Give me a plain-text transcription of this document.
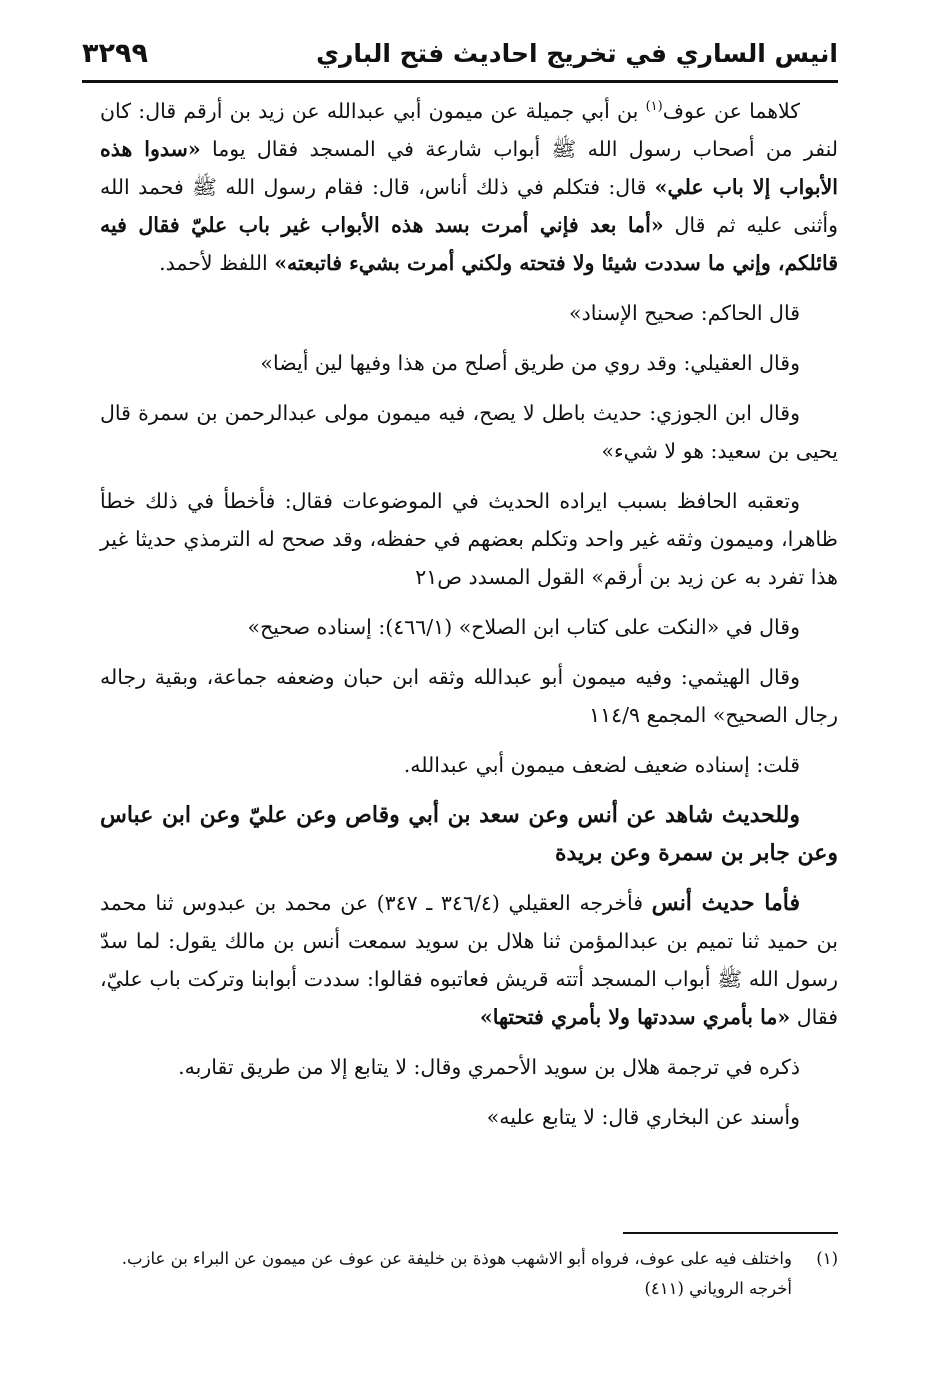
انيس الساري في تخريج احاديث فتح الباري
٣٢٩٩

كلاهما عن عوف$^{(١)}$ بن أبي جميلة عن ميمون أبي عبدالله عن زيد بن أرقم قال: كان لنفر من أصحاب رسول الله ﷺ أبواب شارعة في المسجد فقال يوما «سدوا هذه الأبواب إلا باب علي» قال: فتكلم في ذلك أناس، قال: فقام رسول الله ﷺ فحمد الله وأثنى عليه ثم قال «أما بعد فإني أمرت بسد هذه الأبواب غير باب عليّ فقال فيه قائلكم، وإني ما سددت شيئا ولا فتحته ولكني أمرت بشيء فاتبعته» اللفظ لأحمد.

قال الحاكم: صحيح الإسناد»

وقال العقيلي: وقد روي من طريق أصلح من هذا وفيها لين أيضا»

وقال ابن الجوزي: حديث باطل لا يصح، فيه ميمون مولى عبدالرحمن بن سمرة قال يحيى بن سعيد: هو لا شيء»

وتعقبه الحافظ بسبب ايراده الحديث في الموضوعات فقال: فأخطأ في ذلك خطأ ظاهرا، وميمون وثقه غير واحد وتكلم بعضهم في حفظه، وقد صحح له الترمذي حديثا غير هذا تفرد به عن زيد بن أرقم» القول المسدد ص٢١

وقال في «النكت على كتاب ابن الصلاح» (٤٦٦/١): إسناده صحيح»

وقال الهيثمي: وفيه ميمون أبو عبدالله وثقه ابن حبان وضعفه جماعة، وبقية رجاله رجال الصحيح» المجمع ١١٤/٩

قلت: إسناده ضعيف لضعف ميمون أبي عبدالله.

وللحديث شاهد عن أنس وعن سعد بن أبي وقاص وعن عليّ وعن ابن عباس وعن جابر بن سمرة وعن بريدة

فأما حديث أنس فأخرجه العقيلي (٣٤٦/٤ ـ ٣٤٧) عن محمد بن عبدوس ثنا محمد بن حميد ثنا تميم بن عبدالمؤمن ثنا هلال بن سويد سمعت أنس بن مالك يقول: لما سدّ رسول الله ﷺ أبواب المسجد أتته قريش فعاتبوه فقالوا: سددت أبوابنا وتركت باب عليّ، فقال «ما بأمري سددتها ولا بأمري فتحتها»

ذكره في ترجمة هلال بن سويد الأحمري وقال: لا يتابع إلا من طريق تقاربه.

وأسند عن البخاري قال: لا يتابع عليه»

(١)
واختلف فيه على عوف، فرواه أبو الاشهب هوذة بن خليفة عن عوف عن ميمون عن البراء بن عازب. أخرجه الروياني (٤١١)
